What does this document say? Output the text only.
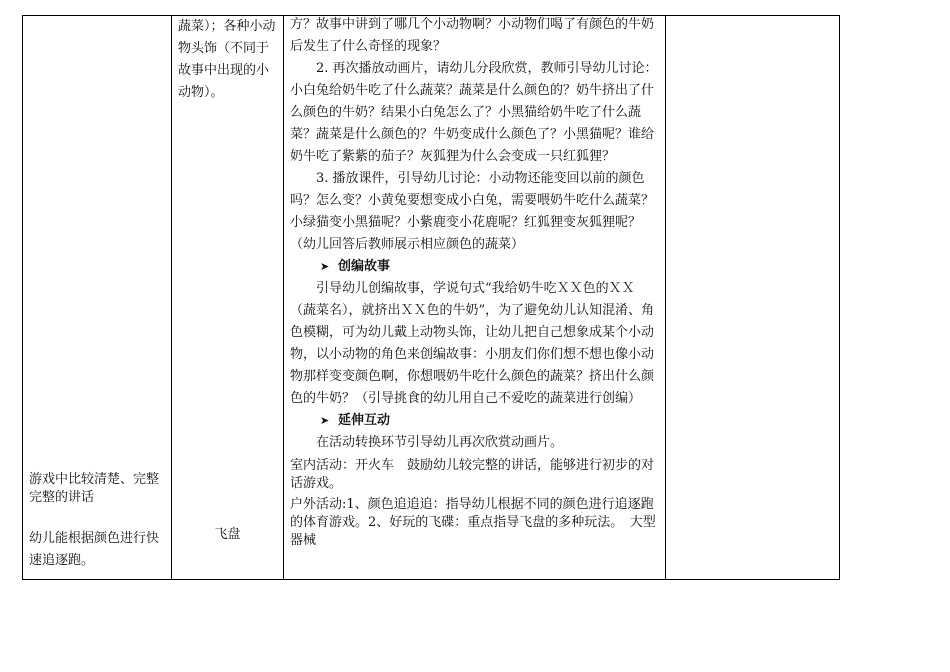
游戏中比较清楚、完整完整的讲话
幼儿能根据颜色进行快速追逐跑。
蔬菜）；各种小动物头饰（不同于故事中出现的小动物）。
飞盘

方？故事中讲到了哪几个小动物啊？小动物们喝了有颜色的牛奶后发生了什么奇怪的现象？

2. 再次播放动画片，请幼儿分段欣赏，教师引导幼儿讨论：小白兔给奶牛吃了什么蔬菜？蔬菜是什么颜色的？奶牛挤出了什么颜色的牛奶？结果小白兔怎么了？小黑猫给奶牛吃了什么蔬菜？蔬菜是什么颜色的？牛奶变成什么颜色了？小黑猫呢？谁给奶牛吃了紫紫的茄子？灰狐狸为什么会变成一只红狐狸？

3. 播放课件，引导幼儿讨论：小动物还能变回以前的颜色吗？怎么变？小黄兔要想变成小白兔，需要喂奶牛吃什么蔬菜？小绿猫变小黑猫呢？小紫鹿变小花鹿呢？红狐狸变灰狐狸呢？（幼儿回答后教师展示相应颜色的蔬菜）

➤ 创编故事

引导幼儿创编故事，学说句式“我给奶牛吃ＸＸ色的ＸＸ（蔬菜名），就挤出ＸＸ色的牛奶”，为了避免幼儿认知混淆、角色模糊，可为幼儿戴上动物头饰，让幼儿把自己想象成某个小动物，以小动物的角色来创编故事：小朋友们你们想不想也像小动物那样变变颜色啊，你想喂奶牛吃什么颜色的蔬菜？挤出什么颜色的牛奶？（引导挑食的幼儿用自己不爱吃的蔬菜进行创编）

➤ 延伸互动

在活动转换环节引导幼儿再次欣赏动画片。

室内活动：开火车　鼓励幼儿较完整的讲话，能够进行初步的对话游戏。

户外活动:1、颜色追追追：指导幼儿根据不同的颜色进行追逐跑的体育游戏。2、好玩的飞碟：重点指导飞盘的多种玩法。　大型器械
